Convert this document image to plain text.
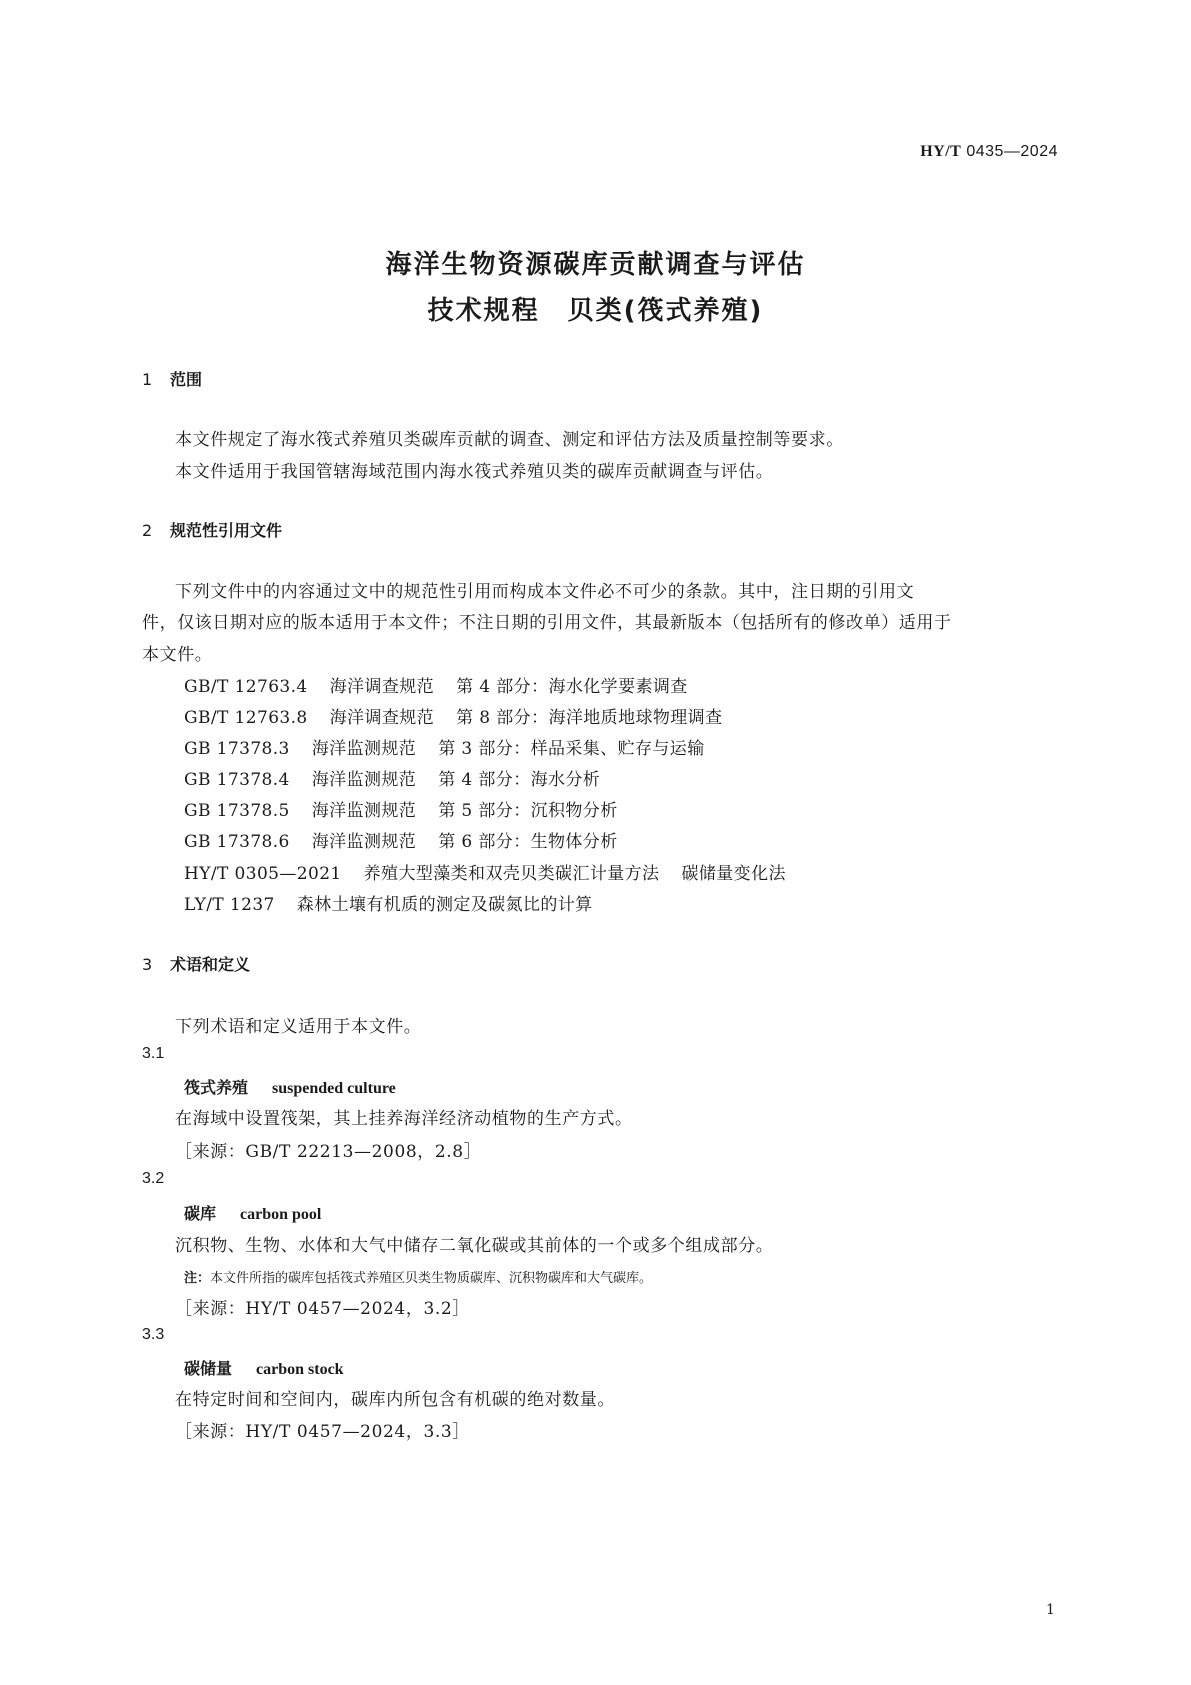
HY/T 0435—2024
海洋生物资源碳库贡献调查与评估
技术规程　贝类(筏式养殖)
1 范围
本文件规定了海水筏式养殖贝类碳库贡献的调查、测定和评估方法及质量控制等要求。
本文件适用于我国管辖海域范围内海水筏式养殖贝类的碳库贡献调查与评估。
2 规范性引用文件
下列文件中的内容通过文中的规范性引用而构成本文件必不可少的条款。其中，注日期的引用文
件，仅该日期对应的版本适用于本文件；不注日期的引用文件，其最新版本（包括所有的修改单）适用于
本文件。
GB/T 12763.4 海洋调查规范 第 4 部分：海水化学要素调查
GB/T 12763.8 海洋调查规范 第 8 部分：海洋地质地球物理调查
GB 17378.3 海洋监测规范 第 3 部分：样品采集、贮存与运输
GB 17378.4 海洋监测规范 第 4 部分：海水分析
GB 17378.5 海洋监测规范 第 5 部分：沉积物分析
GB 17378.6 海洋监测规范 第 6 部分：生物体分析
HY/T 0305—2021 养殖大型藻类和双壳贝类碳汇计量方法 碳储量变化法
LY/T 1237 森林土壤有机质的测定及碳氮比的计算
3 术语和定义
下列术语和定义适用于本文件。
3.1
筏式养殖 suspended culture
在海域中设置筏架，其上挂养海洋经济动植物的生产方式。
［来源：GB/T 22213—2008，2.8］
3.2
碳库 carbon pool
沉积物、生物、水体和大气中储存二氧化碳或其前体的一个或多个组成部分。
注：本文件所指的碳库包括筏式养殖区贝类生物质碳库、沉积物碳库和大气碳库。
［来源：HY/T 0457—2024，3.2］
3.3
碳储量 carbon stock
在特定时间和空间内，碳库内所包含有机碳的绝对数量。
［来源：HY/T 0457—2024，3.3］
1
